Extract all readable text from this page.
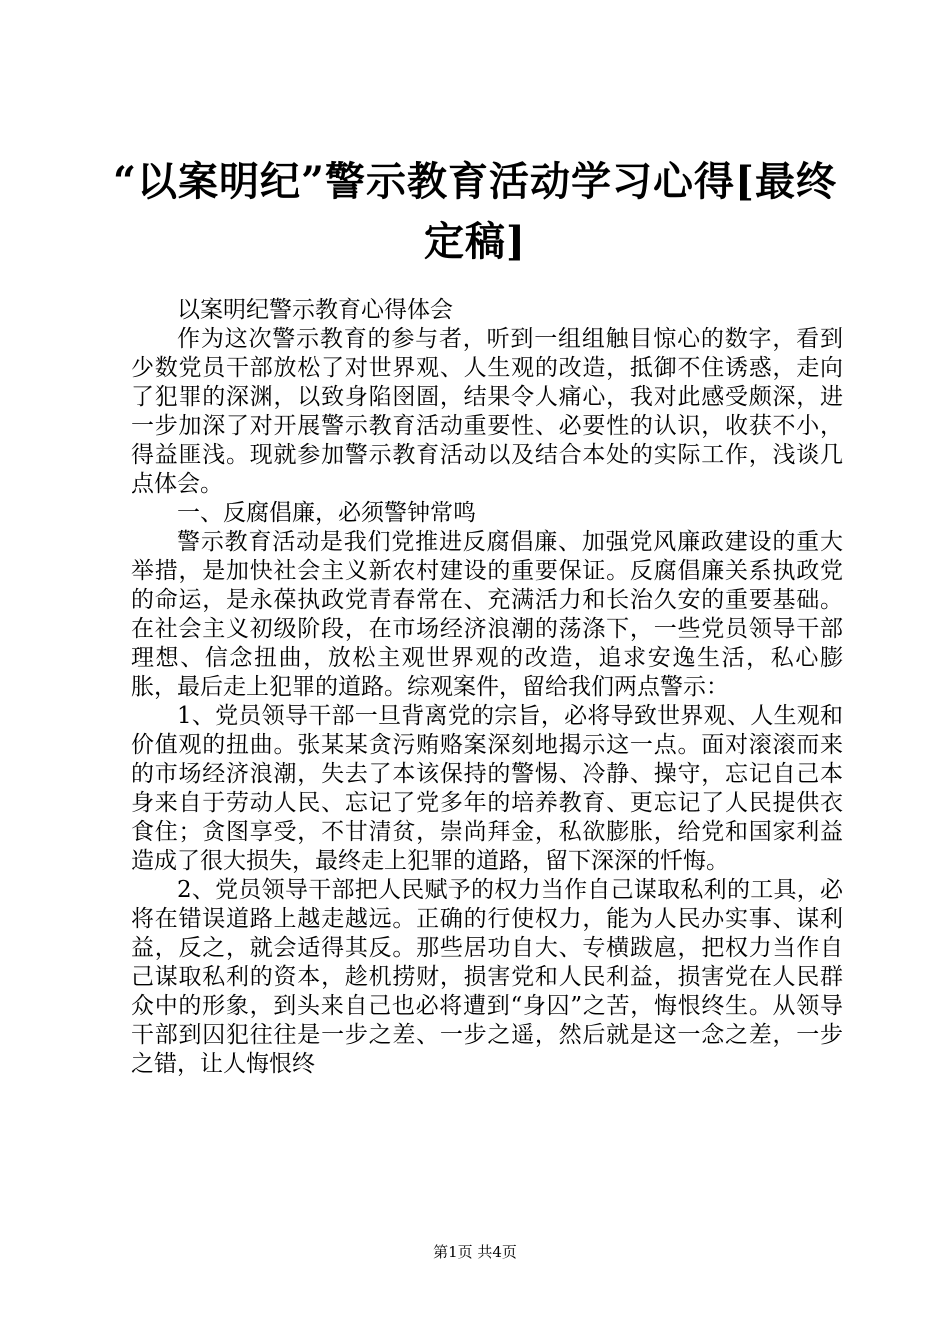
“以案明纪”警示教育活动学习心得[最终定稿]

以案明纪警示教育心得体会

作为这次警示教育的参与者，听到一组组触目惊心的数字，看到少数党员干部放松了对世界观、人生观的改造，抵御不住诱惑，走向了犯罪的深渊，以致身陷囹圄，结果令人痛心，我对此感受颇深，进一步加深了对开展警示教育活动重要性、必要性的认识，收获不小，得益匪浅。现就参加警示教育活动以及结合本处的实际工作，浅谈几点体会。

一、反腐倡廉，必须警钟常鸣

警示教育活动是我们党推进反腐倡廉、加强党风廉政建设的重大举措，是加快社会主义新农村建设的重要保证。反腐倡廉关系执政党的命运，是永葆执政党青春常在、充满活力和长治久安的重要基础。在社会主义初级阶段，在市场经济浪潮的荡涤下，一些党员领导干部理想、信念扭曲，放松主观世界观的改造，追求安逸生活，私心膨胀，最后走上犯罪的道路。综观案件，留给我们两点警示：

1、党员领导干部一旦背离党的宗旨，必将导致世界观、人生观和价值观的扭曲。张某某贪污贿赂案深刻地揭示这一点。面对滚滚而来的市场经济浪潮，失去了本该保持的警惕、冷静、操守，忘记自己本身来自于劳动人民、忘记了党多年的培养教育、更忘记了人民提供衣食住；贪图享受，不甘清贫，崇尚拜金，私欲膨胀，给党和国家利益造成了很大损失，最终走上犯罪的道路，留下深深的忏悔。

2、党员领导干部把人民赋予的权力当作自己谋取私利的工具，必将在错误道路上越走越远。正确的行使权力，能为人民办实事、谋利益，反之，就会适得其反。那些居功自大、专横跋扈，把权力当作自己谋取私利的资本，趁机捞财，损害党和人民利益，损害党在人民群众中的形象，到头来自己也必将遭到“身囚”之苦，悔恨终生。从领导干部到囚犯往往是一步之差、一步之遥，然后就是这一念之差，一步之错，让人悔恨终

第1页 共4页
